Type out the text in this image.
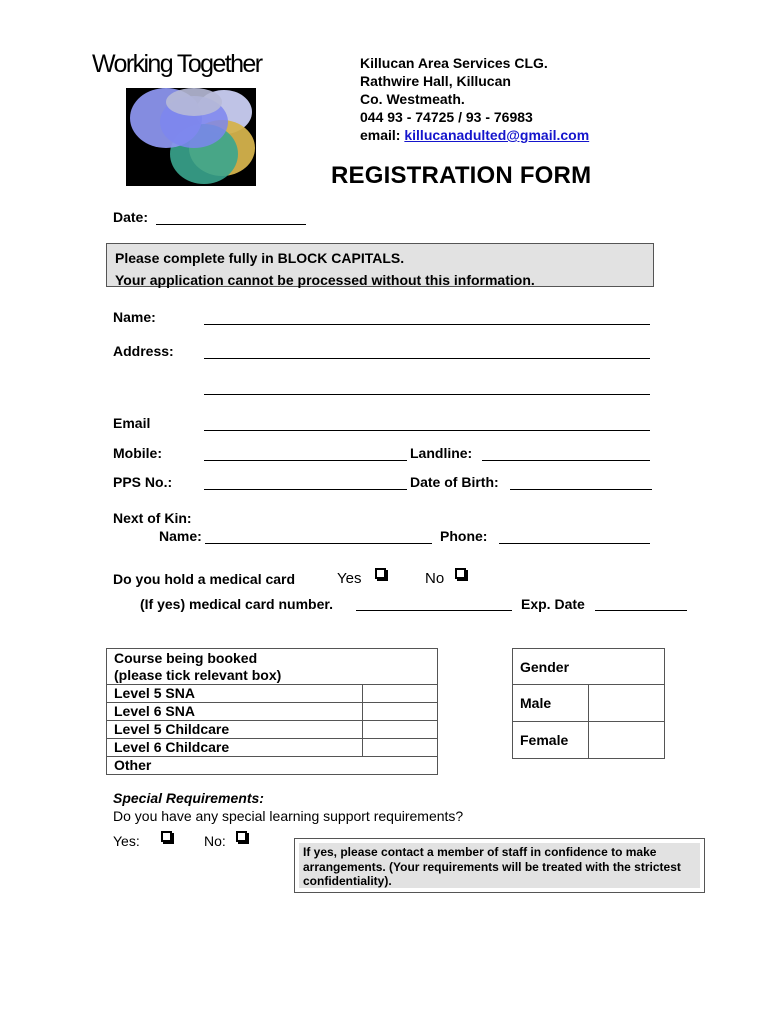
Working Together	Killucan Area Services CLG.
Rathwire Hall, Killucan
Co. Westmeath.
044 93 - 74725 / 93 - 76983
email: killucanadulted@gmail.com
REGISTRATION FORM
Date:
Please complete fully in BLOCK CAPITALS.
Your application cannot be processed without this information.
Name:
Address:
Email
Mobile:	Landline:
PPS No.:	Date of Birth:
Next of Kin:
Name:	Phone:
Do you hold a medical card	Yes	No
(If yes) medical card number.	Exp. Date
Course being booked
(please tick relevant box)	

Level 5 SNA	
Level 6 SNA	
Level 5 Childcare	
Level 6 Childcare	
Other	
Gender	
Male	
Female	
Special Requirements:
Do you have any special learning support requirements?
Yes:	No:
If yes, please contact a member of staff in confidence to make arrangements. (Your requirements will be treated with the strictest confidentiality).
